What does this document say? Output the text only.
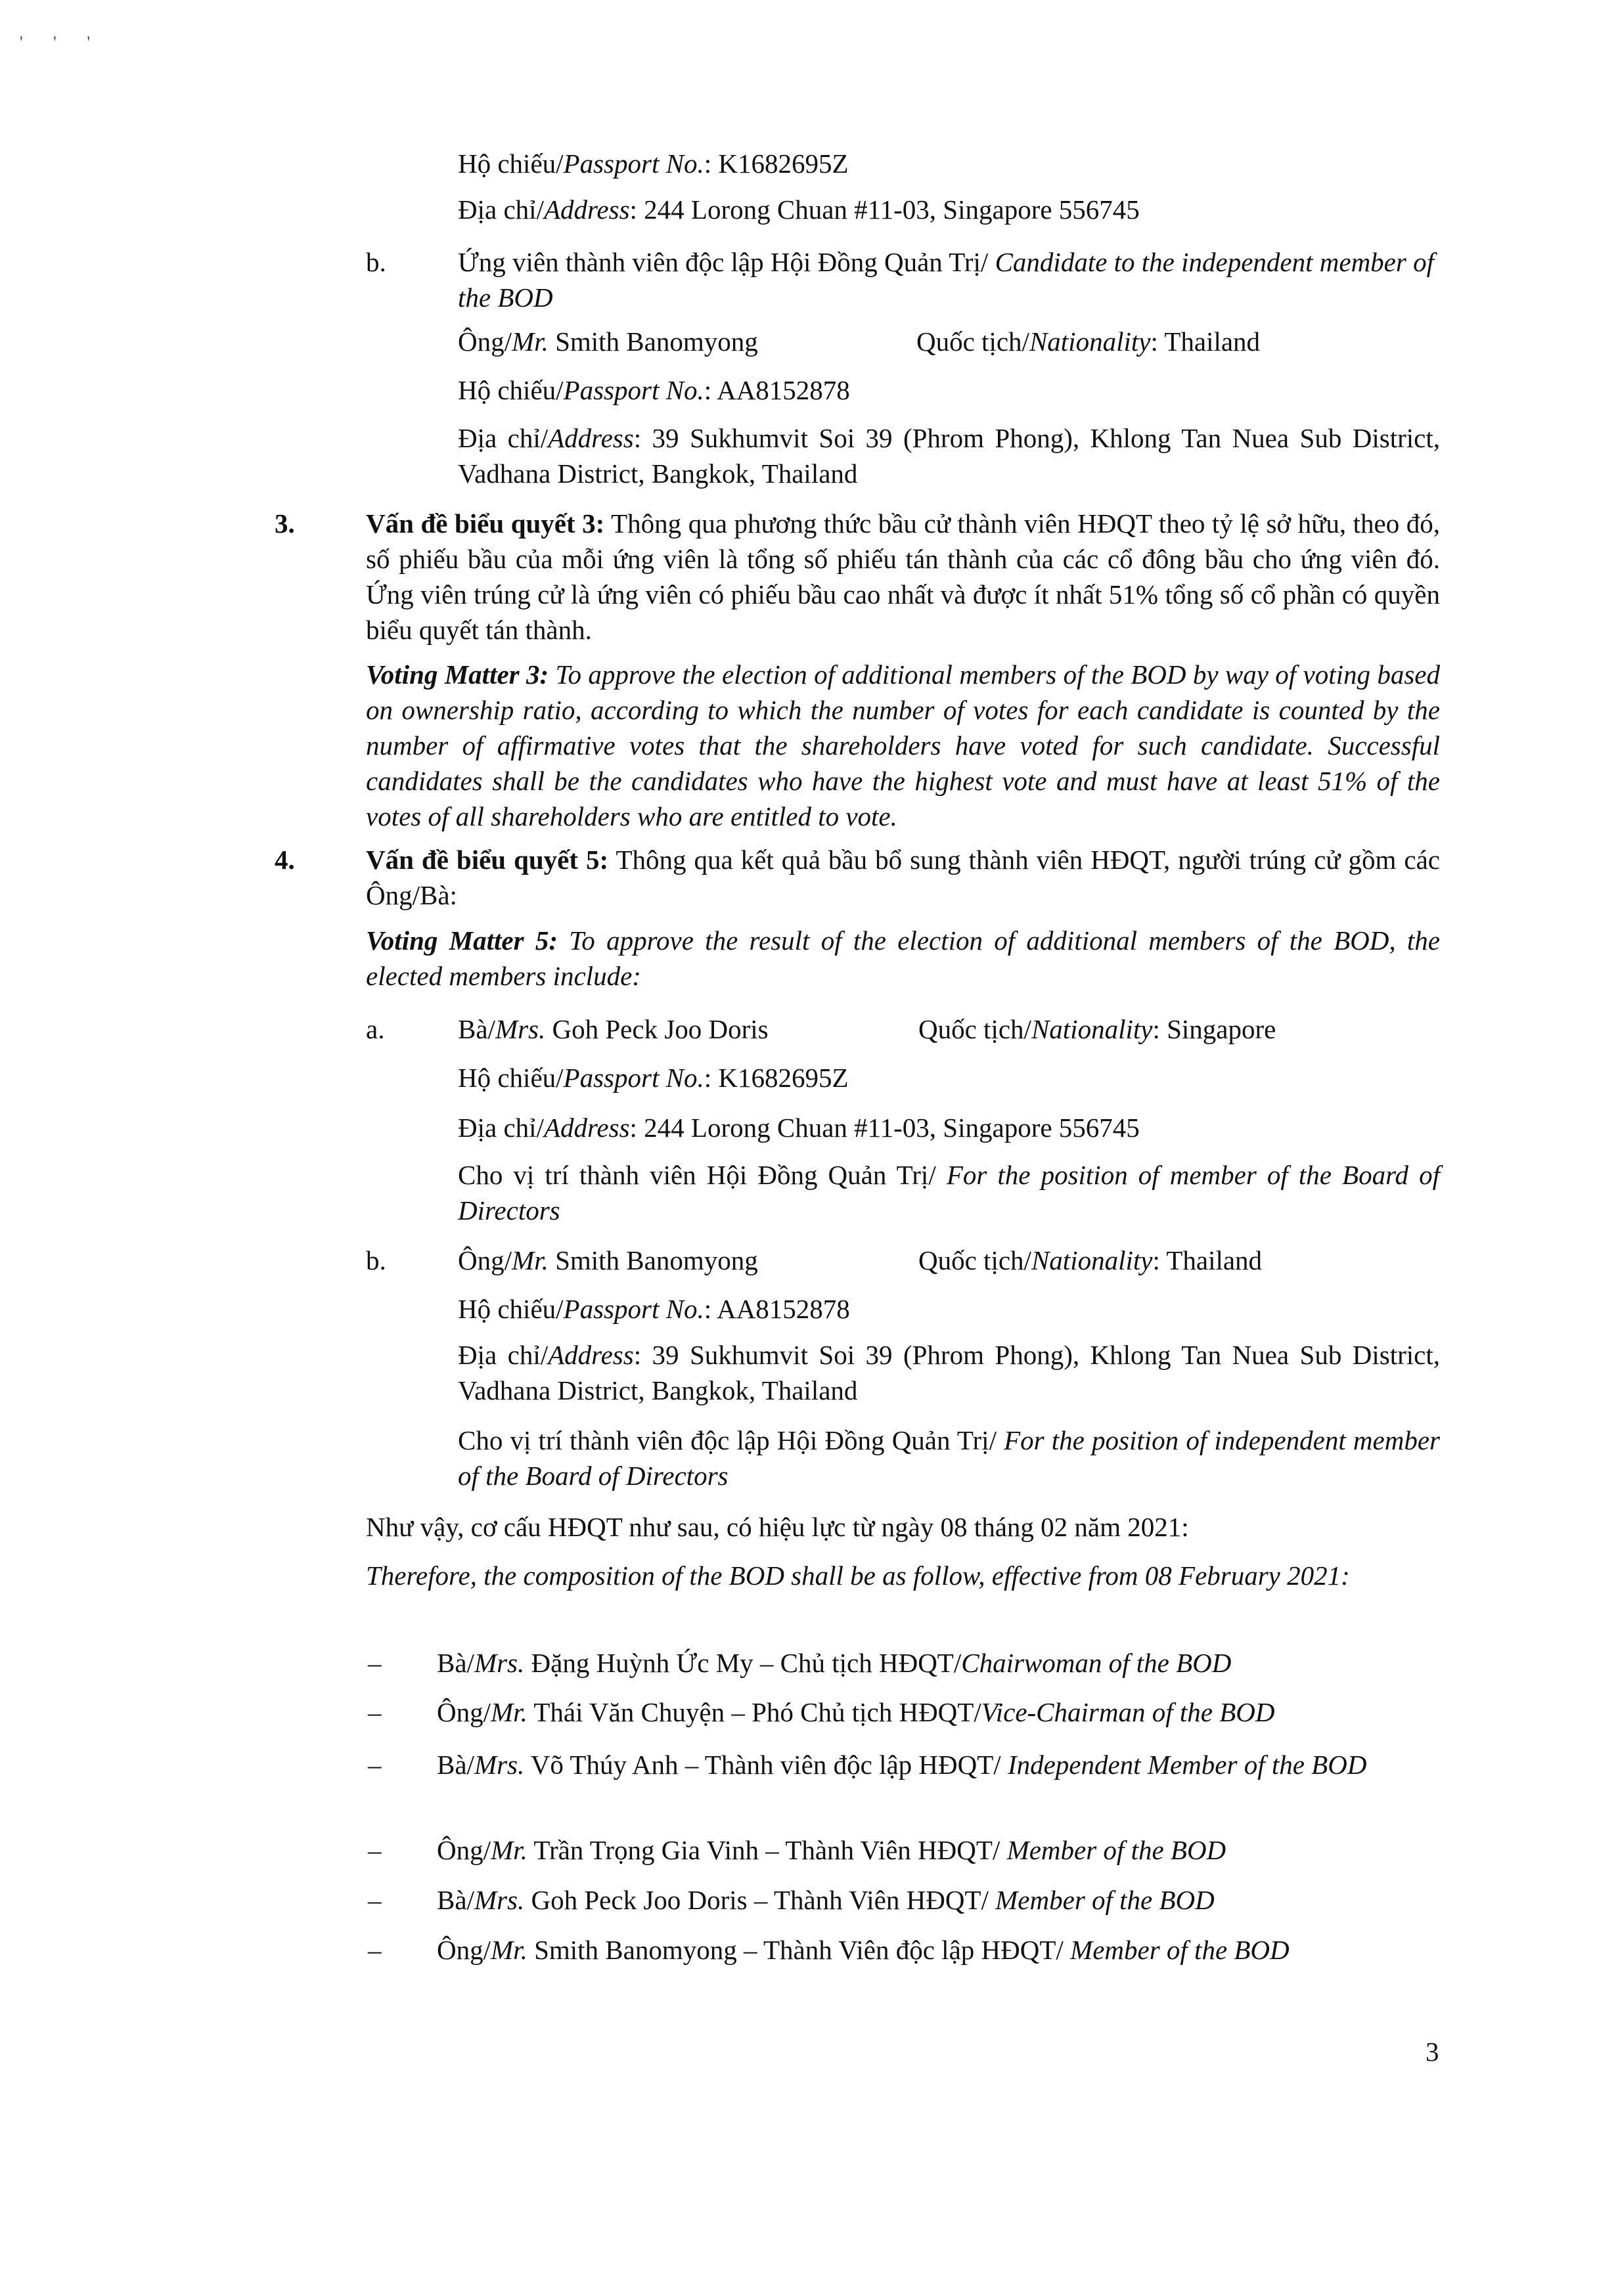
' ' '
Hộ chiếu/Passport No.: K1682695Z
Địa chỉ/Address: 244 Lorong Chuan #11-03, Singapore 556745
b.	Ứng viên thành viên độc lập Hội Đồng Quản Trị/ Candidate to the independent member of the BOD
Ông/Mr. Smith Banomyong	Quốc tịch/Nationality: Thailand
Hộ chiếu/Passport No.: AA8152878
Địa chỉ/Address: 39 Sukhumvit Soi 39 (Phrom Phong), Khlong Tan Nuea Sub District, Vadhana District, Bangkok, Thailand
3.	Vấn đề biểu quyết 3: Thông qua phương thức bầu cử thành viên HĐQT theo tỷ lệ sở hữu, theo đó, số phiếu bầu của mỗi ứng viên là tổng số phiếu tán thành của các cổ đông bầu cho ứng viên đó. Ứng viên trúng cử là ứng viên có phiếu bầu cao nhất và được ít nhất 51% tổng số cổ phần có quyền biểu quyết tán thành.
Voting Matter 3: To approve the election of additional members of the BOD by way of voting based on ownership ratio, according to which the number of votes for each candidate is counted by the number of affirmative votes that the shareholders have voted for such candidate. Successful candidates shall be the candidates who have the highest vote and must have at least 51% of the votes of all shareholders who are entitled to vote.
4.	Vấn đề biểu quyết 5: Thông qua kết quả bầu bổ sung thành viên HĐQT, người trúng cử gồm các Ông/Bà:
Voting Matter 5: To approve the result of the election of additional members of the BOD, the elected members include:
a.	Bà/Mrs. Goh Peck Joo Doris	Quốc tịch/Nationality: Singapore
Hộ chiếu/Passport No.: K1682695Z
Địa chỉ/Address: 244 Lorong Chuan #11-03, Singapore 556745
Cho vị trí thành viên Hội Đồng Quản Trị/ For the position of member of the Board of Directors
b.	Ông/Mr. Smith Banomyong	Quốc tịch/Nationality: Thailand
Hộ chiếu/Passport No.: AA8152878
Địa chỉ/Address: 39 Sukhumvit Soi 39 (Phrom Phong), Khlong Tan Nuea Sub District, Vadhana District, Bangkok, Thailand
Cho vị trí thành viên độc lập Hội Đồng Quản Trị/ For the position of independent member of the Board of Directors
Như vậy, cơ cấu HĐQT như sau, có hiệu lực từ ngày 08 tháng 02 năm 2021:
Therefore, the composition of the BOD shall be as follow, effective from 08 February 2021:
– Bà/Mrs. Đặng Huỳnh Ức My – Chủ tịch HĐQT/Chairwoman of the BOD
– Ông/Mr. Thái Văn Chuyện – Phó Chủ tịch HĐQT/Vice-Chairman of the BOD
– Bà/Mrs. Võ Thúy Anh – Thành viên độc lập HĐQT/ Independent Member of the BOD
– Ông/Mr. Trần Trọng Gia Vinh – Thành Viên HĐQT/ Member of the BOD
– Bà/Mrs. Goh Peck Joo Doris – Thành Viên HĐQT/ Member of the BOD
– Ông/Mr. Smith Banomyong – Thành Viên độc lập HĐQT/ Member of the BOD
3
